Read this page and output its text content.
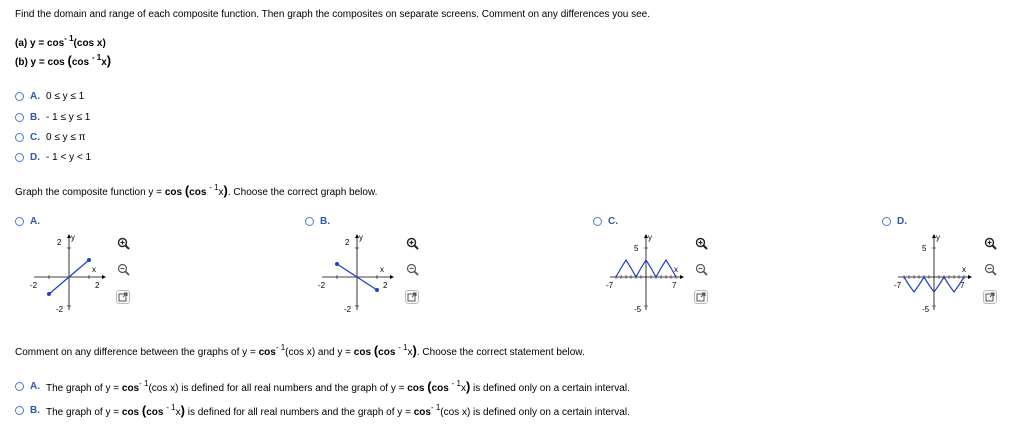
Find the domain and range of each composite function. Then graph the composites on separate screens. Comment on any differences you see.
(a) $y = \cos^{- 1}(\cos$ x)
(b) y = cos (cos $^{- 1}$x)
A. 0 ≤ y ≤ 1
B. - 1 ≤ y ≤ 1
C. 0 ≤ y ≤ π
D. - 1 < y < 1
Graph the composite function y = cos (cos $^{- 1}$x). Choose the correct graph below.
A.	B.	C.	D.
2
y
x
-2	2
-2
2
y
x
-2	2
-2
5
y
x
-7	7
-5
5
y
x
-7	7
-5
Comment on any difference between the graphs of $y = \cos^{- 1}(\cos$ x) and y = cos (cos $^{- 1}$x). Choose the correct statement below.
A. The graph of $y = \cos^{- 1}(\cos$ x) is defined for all real numbers and the graph of y = cos (cos $^{- 1}$x) is defined only on a certain interval.
B. The graph of y = cos (cos $^{- 1}$x) is defined for all real numbers and the graph of $y = \cos^{- 1}(\cos$ x) is defined only on a certain interval.
